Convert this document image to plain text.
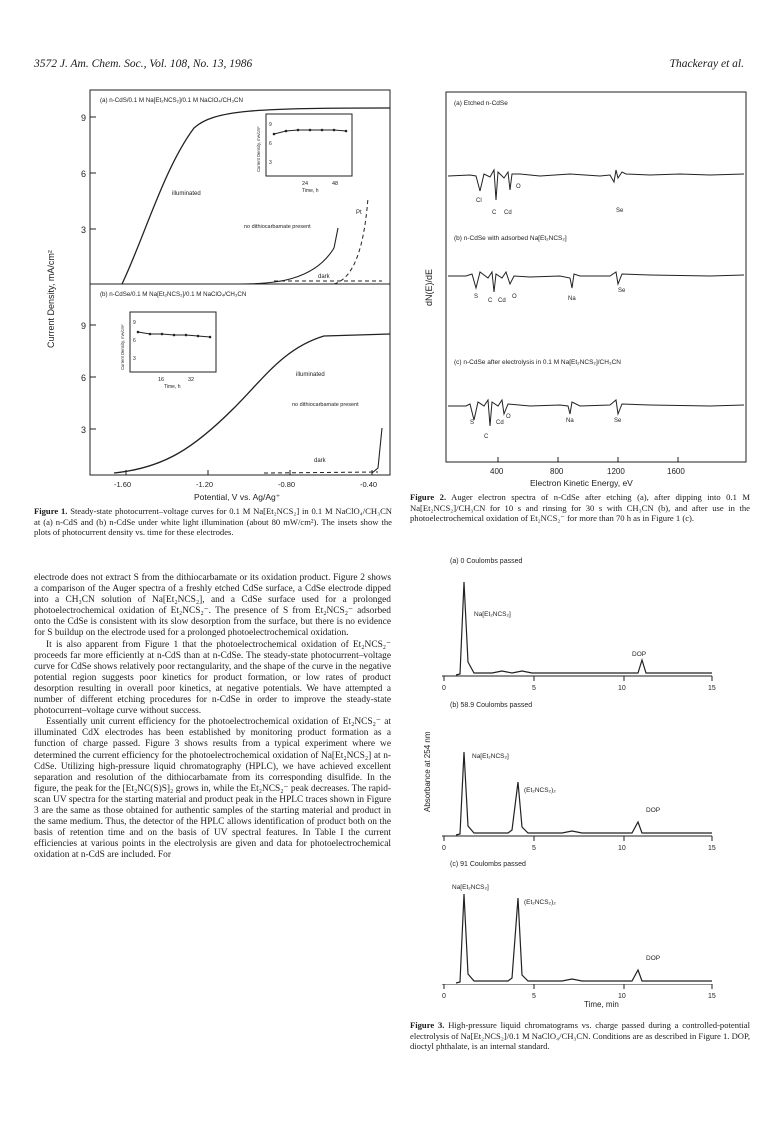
3572 J. Am. Chem. Soc., Vol. 108, No. 13, 1986	Thackeray et al.
9
6
3
9
6
3
-1.60	-1.20	-0.80	-0.40
Potential, V vs. Ag/Ag⁺
Current Density, mA/cm²
(a) n-CdS/0.1 M Na[Et₂NCS₂]/0.1 M NaClO₄/CH₃CN
(b) n-CdSe/0.1 M Na[Et₂NCS₂]/0.1 M NaClO₄/CH₃CN
illuminated
no dithiocarbamate present
dark
Pt
illuminated
no dithiocarbamate present
dark
24	48
Time, h
Current Density, mA/cm²
9
6
3
16	32
Time, h
Current Density, mA/cm²
9
6
3
Figure 1. Steady-state photocurrent–voltage curves for 0.1 M Na[Et₂NCS₂] in 0.1 M NaClO₄/CH₃CN at (a) n-CdS and (b) n-CdSe under white light illumination (about 80 mW/cm²). The insets show the plots of photocurrent density vs. time for these electrodes.

electrode does not extract S from the dithiocarbamate or its oxidation product. Figure 2 shows a comparison of the Auger spectra of a freshly etched CdSe surface, a CdSe electrode dipped into a CH₃CN solution of Na[Et₂NCS₂], and a CdSe surface used for a prolonged photoelectrochemical oxidation of Et₂NCS₂⁻. The presence of S from Et₂NCS₂⁻ adsorbed onto the CdSe is consistent with its slow desorption from the surface, but there is no evidence for S buildup on the electrode used for a prolonged photoelectrochemical oxidation.

It is also apparent from Figure 1 that the photoelectrochemical oxidation of Et₂NCS₂⁻ proceeds far more efficiently at n-CdS than at n-CdSe. The steady-state photocurrent–voltage curve for CdSe shows relatively poor rectangularity, and the shape of the curve in the negative potential region suggests poor kinetics for product formation, or low rates of product desorption resulting in overall poor kinetics, at negative potentials. We have attempted a number of different etching procedures for n-CdSe in order to improve the steady-state photocurrent–voltage curve without success.

Essentially unit current efficiency for the photoelectrochemical oxidation of Et₂NCS₂⁻ at illuminated CdX electrodes has been established by monitoring product formation as a function of charge passed. Figure 3 shows results from a typical experiment where we determined the current efficiency for the photoelectrochemical oxidation of Na[Et₂NCS₂] at n-CdSe. Utilizing high-pressure liquid chromatography (HPLC), we have achieved excellent separation and resolution of the dithiocarbamate from its corresponding disulfide. In the figure, the peak for the [Et₂NC(S)S]₂ grows in, while the Et₂NCS₂⁻ peak decreases. The rapid-scan UV spectra for the starting material and product peak in the HPLC traces shown in Figure 3 are the same as those obtained for authentic samples of the starting material and product in the same medium. Thus, the detector of the HPLC allows identification of product both on the basis of retention time and on the basis of UV spectral features. In Table I the current efficiencies at various points in the electrolysis are given and data for photoelectrochemical oxidation at n-CdS are included. For

400	800	1200	1600
Electron Kinetic Energy, eV
dN(E)/dE
(a) Etched n-CdSe
(b) n-CdSe with adsorbed Na[Et₂NCS₂]
(c) n-CdSe after electrolysis in 0.1 M Na[Et₂NCS₂]/CH₃CN
Cl
C Cd
O
Se
S
C Cd
O	Na
Se
S
C
Cd
O
Na	Se
Figure 2. Auger electron spectra of n-CdSe after etching (a), after dipping into 0.1 M Na[Et₂NCS₂]/CH₃CN for 10 s and rinsing for 30 s with CH₃CN (b), and after use in the photoelectrochemical oxidation of Et₂NCS₂⁻ for more than 70 h as in Figure 1 (c).
Absorbance at 254 nm
(a) 0 Coulombs passed
0	5	10	15
Na[Et₂NCS₂]
DOP
(b) 58.9 Coulombs passed
0	5	10	15
Na[Et₂NCS₂]
(Et₂NCS₂)₂
DOP
(c) 91 Coulombs passed
Na[Et₂NCS₂]
(Et₂NCS₂)₂
DOP
0	5	10	15
Time, min
Figure 3. High-pressure liquid chromatograms vs. charge passed during a controlled-potential electrolysis of Na[Et₂NCS₂]/0.1 M NaClO₄/CH₃CN. Conditions are as described in Figure 1. DOP, dioctyl phthalate, is an internal standard.
